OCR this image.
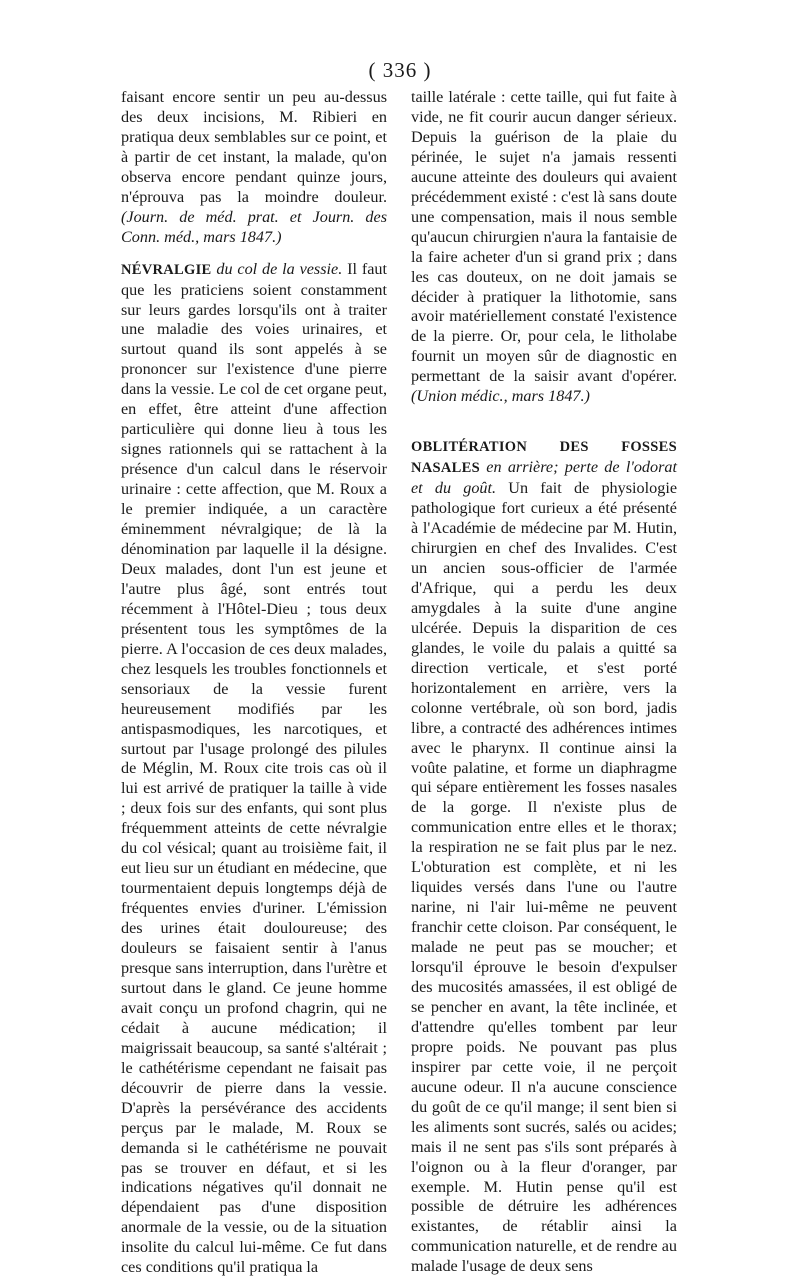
( 336 )

faisant encore sentir un peu au-dessus des deux incisions, M. Ribieri en pratiqua deux semblables sur ce point, et à partir de cet instant, la malade, qu'on observa encore pendant quinze jours, n'éprouva pas la moindre douleur. (Journ. de méd. prat. et Journ. des Conn. méd., mars 1847.)

NÉVRALGIE du col de la vessie. Il faut que les praticiens soient constamment sur leurs gardes lorsqu'ils ont à traiter une maladie des voies urinaires, et surtout quand ils sont appelés à se prononcer sur l'existence d'une pierre dans la vessie. Le col de cet organe peut, en effet, être atteint d'une affection particulière qui donne lieu à tous les signes rationnels qui se rattachent à la présence d'un calcul dans le réservoir urinaire : cette affection, que M. Roux a le premier indiquée, a un caractère éminemment névralgique; de là la dénomination par laquelle il la désigne. Deux malades, dont l'un est jeune et l'autre plus âgé, sont entrés tout récemment à l'Hôtel-Dieu ; tous deux présentent tous les symptômes de la pierre. A l'occasion de ces deux malades, chez lesquels les troubles fonctionnels et sensoriaux de la vessie furent heureusement modifiés par les antispasmodiques, les narcotiques, et surtout par l'usage prolongé des pilules de Méglin, M. Roux cite trois cas où il lui est arrivé de pratiquer la taille à vide ; deux fois sur des enfants, qui sont plus fréquemment atteints de cette névralgie du col vésical; quant au troisième fait, il eut lieu sur un étudiant en médecine, que tourmentaient depuis longtemps déjà de fréquentes envies d'uriner. L'émission des urines était douloureuse; des douleurs se faisaient sentir à l'anus presque sans interruption, dans l'urètre et surtout dans le gland. Ce jeune homme avait conçu un profond chagrin, qui ne cédait à aucune médication; il maigrissait beaucoup, sa santé s'altérait ; le cathétérisme cependant ne faisait pas découvrir de pierre dans la vessie. D'après la persévérance des accidents perçus par le malade, M. Roux se demanda si le cathétérisme ne pouvait pas se trouver en défaut, et si les indications négatives qu'il donnait ne dépendaient pas d'une disposition anormale de la vessie, ou de la situation insolite du calcul lui-même. Ce fut dans ces conditions qu'il pratiqua la

taille latérale : cette taille, qui fut faite à vide, ne fit courir aucun danger sérieux. Depuis la guérison de la plaie du périnée, le sujet n'a jamais ressenti aucune atteinte des douleurs qui avaient précédemment existé : c'est là sans doute une compensation, mais il nous semble qu'aucun chirurgien n'aura la fantaisie de la faire acheter d'un si grand prix ; dans les cas douteux, on ne doit jamais se décider à pratiquer la lithotomie, sans avoir matériellement constaté l'existence de la pierre. Or, pour cela, le litholabe fournit un moyen sûr de diagnostic en permettant de la saisir avant d'opérer. (Union médic., mars 1847.)

OBLITÉRATION DES FOSSES NASALES en arrière; perte de l'odorat et du goût. Un fait de physiologie pathologique fort curieux a été présenté à l'Académie de médecine par M. Hutin, chirurgien en chef des Invalides. C'est un ancien sous-officier de l'armée d'Afrique, qui a perdu les deux amygdales à la suite d'une angine ulcérée. Depuis la disparition de ces glandes, le voile du palais a quitté sa direction verticale, et s'est porté horizontalement en arrière, vers la colonne vertébrale, où son bord, jadis libre, a contracté des adhérences intimes avec le pharynx. Il continue ainsi la voûte palatine, et forme un diaphragme qui sépare entièrement les fosses nasales de la gorge. Il n'existe plus de communication entre elles et le thorax; la respiration ne se fait plus par le nez. L'obturation est complète, et ni les liquides versés dans l'une ou l'autre narine, ni l'air lui-même ne peuvent franchir cette cloison. Par conséquent, le malade ne peut pas se moucher; et lorsqu'il éprouve le besoin d'expulser des mucosités amassées, il est obligé de se pencher en avant, la tête inclinée, et d'attendre qu'elles tombent par leur propre poids. Ne pouvant pas plus inspirer par cette voie, il ne perçoit aucune odeur. Il n'a aucune conscience du goût de ce qu'il mange; il sent bien si les aliments sont sucrés, salés ou acides; mais il ne sent pas s'ils sont préparés à l'oignon ou à la fleur d'oranger, par exemple. M. Hutin pense qu'il est possible de détruire les adhérences existantes, de rétablir ainsi la communication naturelle, et de rendre au malade l'usage de deux sens
